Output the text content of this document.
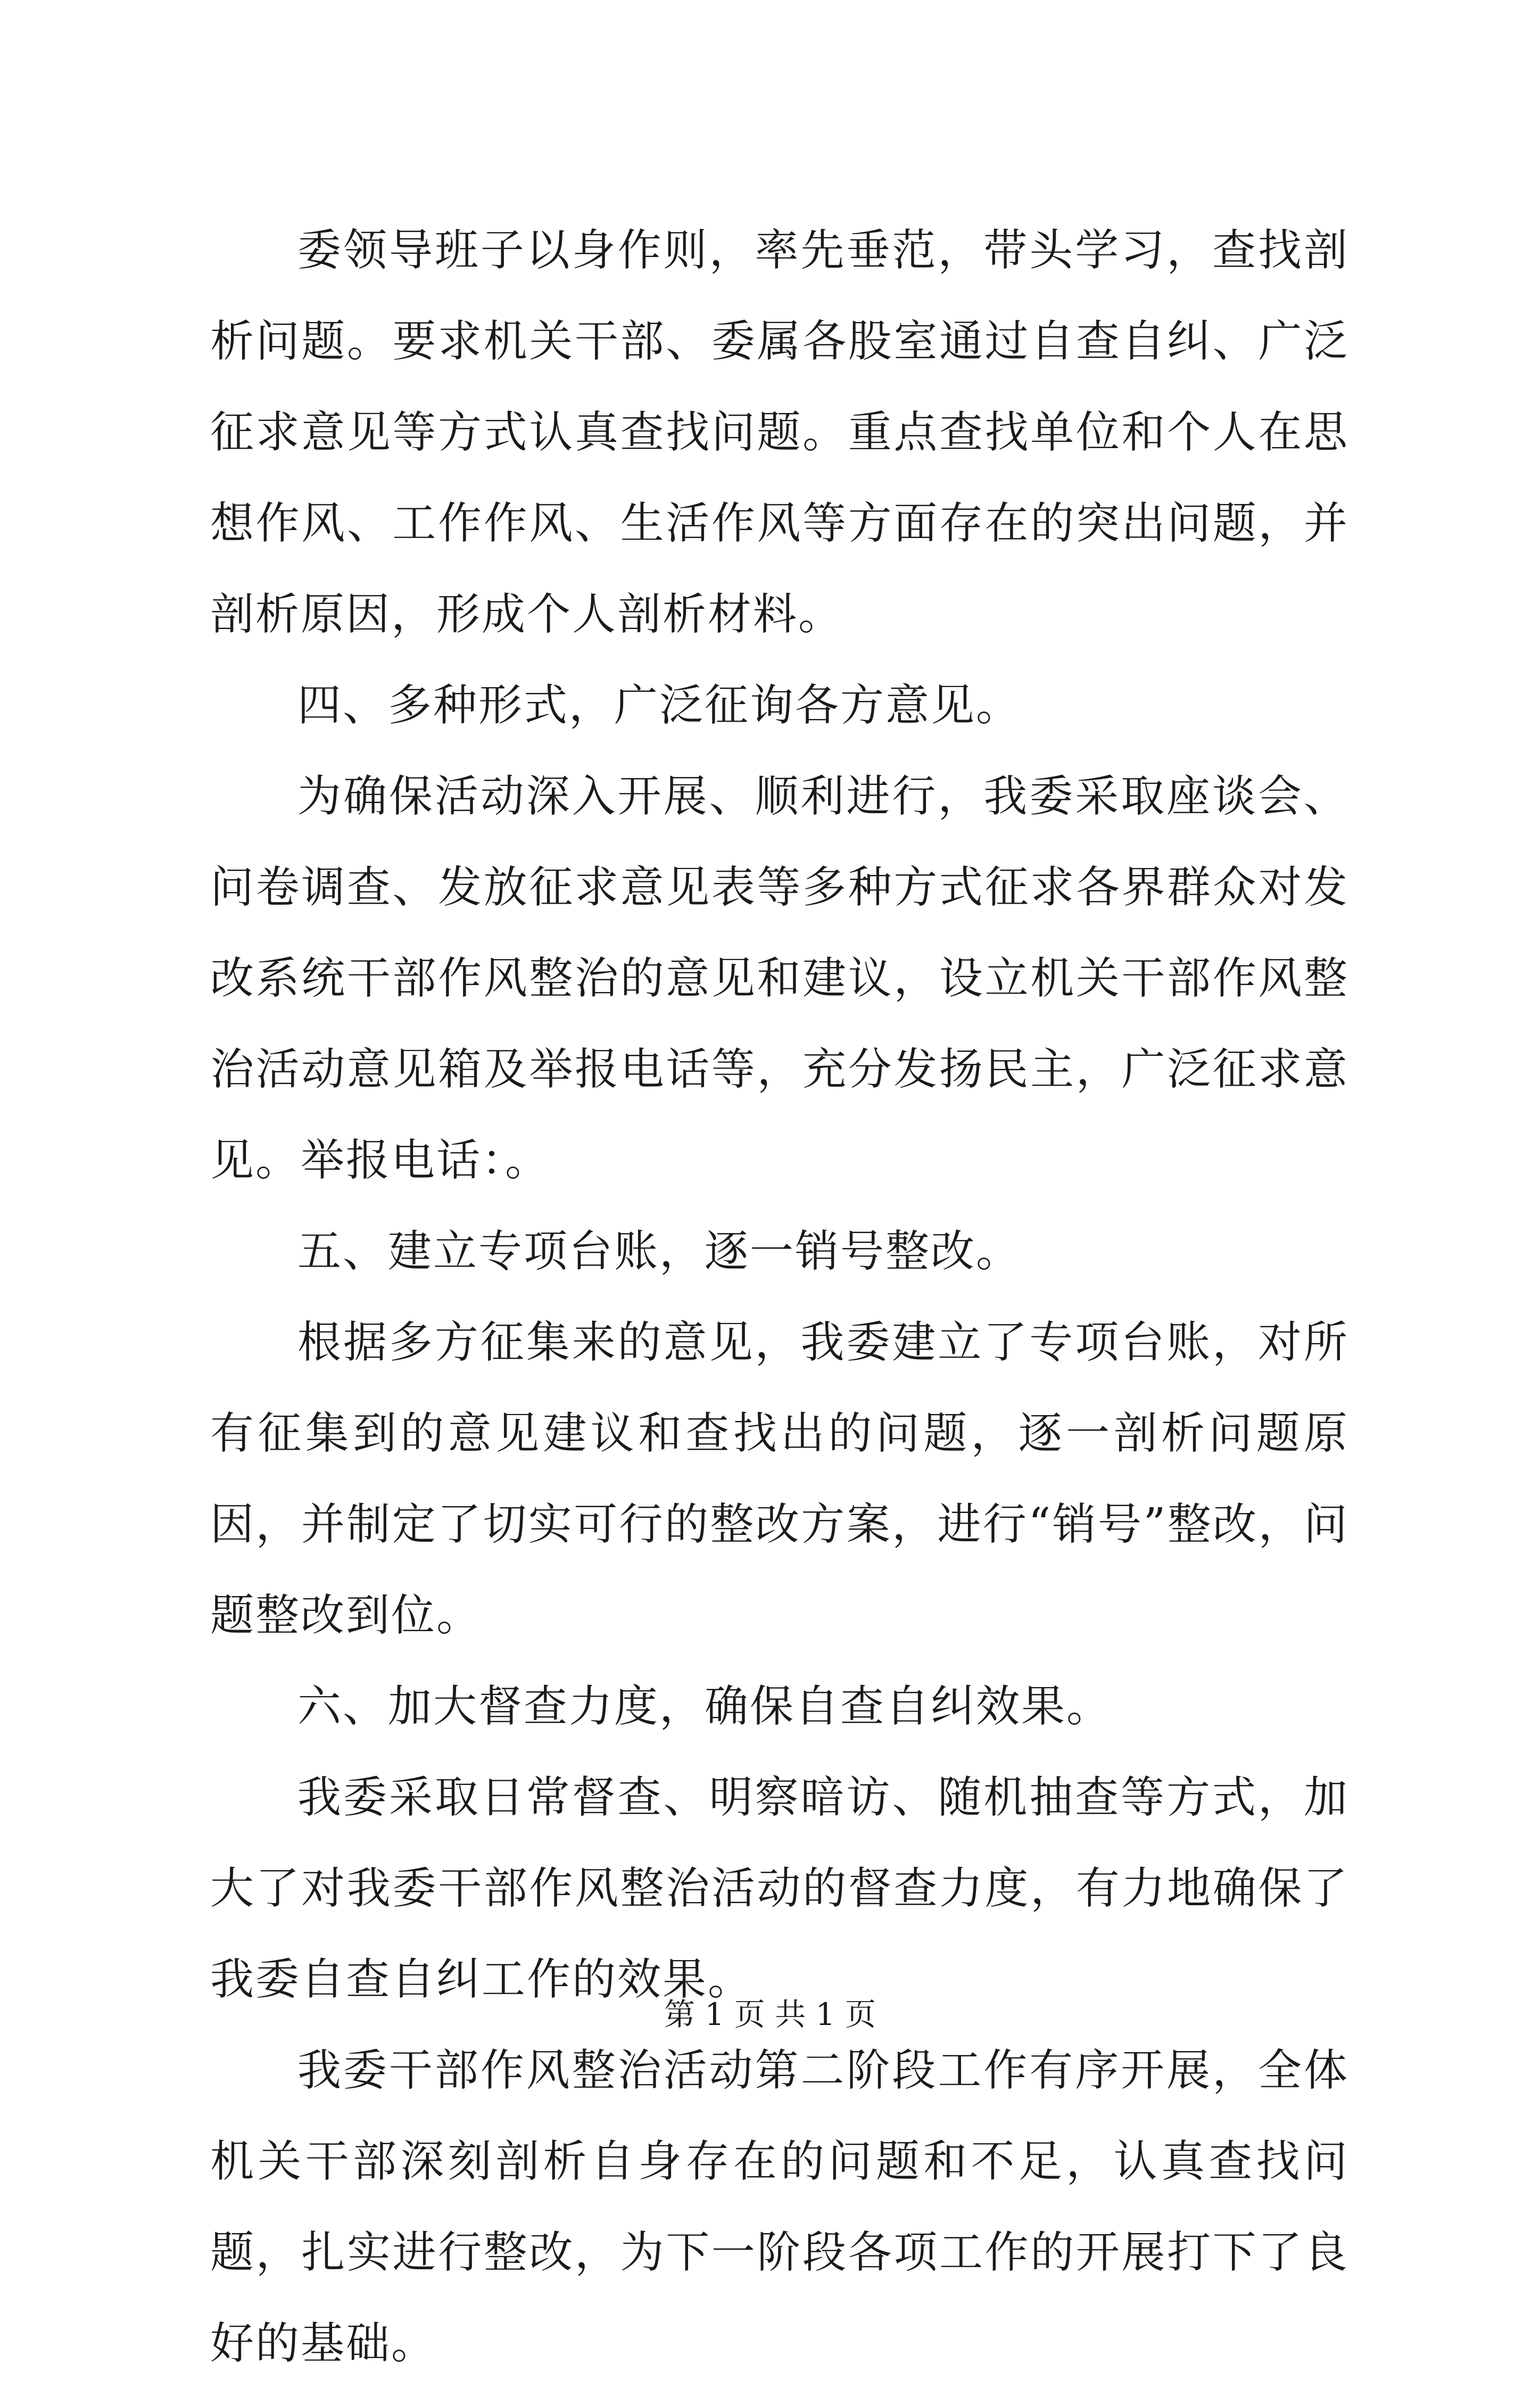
委领导班子以身作则，率先垂范，带头学习，查找剖析问题。要求机关干部、委属各股室通过自查自纠、广泛征求意见等方式认真查找问题。重点查找单位和个人在思想作风、工作作风、生活作风等方面存在的突出问题，并剖析原因，形成个人剖析材料。

四、多种形式，广泛征询各方意见。

为确保活动深入开展、顺利进行，我委采取座谈会、问卷调查、发放征求意见表等多种方式征求各界群众对发改系统干部作风整治的意见和建议，设立机关干部作风整治活动意见箱及举报电话等，充分发扬民主，广泛征求意见。举报电话：。

五、建立专项台账，逐一销号整改。

根据多方征集来的意见，我委建立了专项台账，对所有征集到的意见建议和查找出的问题，逐一剖析问题原因，并制定了切实可行的整改方案，进行“销号”整改，问题整改到位。

六、加大督查力度，确保自查自纠效果。

我委采取日常督查、明察暗访、随机抽查等方式，加大了对我委干部作风整治活动的督查力度，有力地确保了我委自查自纠工作的效果。

我委干部作风整治活动第二阶段工作有序开展，全体机关干部深刻剖析自身存在的问题和不足，认真查找问题，扎实进行整改，为下一阶段各项工作的开展打下了良好的基础。

第 1 页 共 1 页
